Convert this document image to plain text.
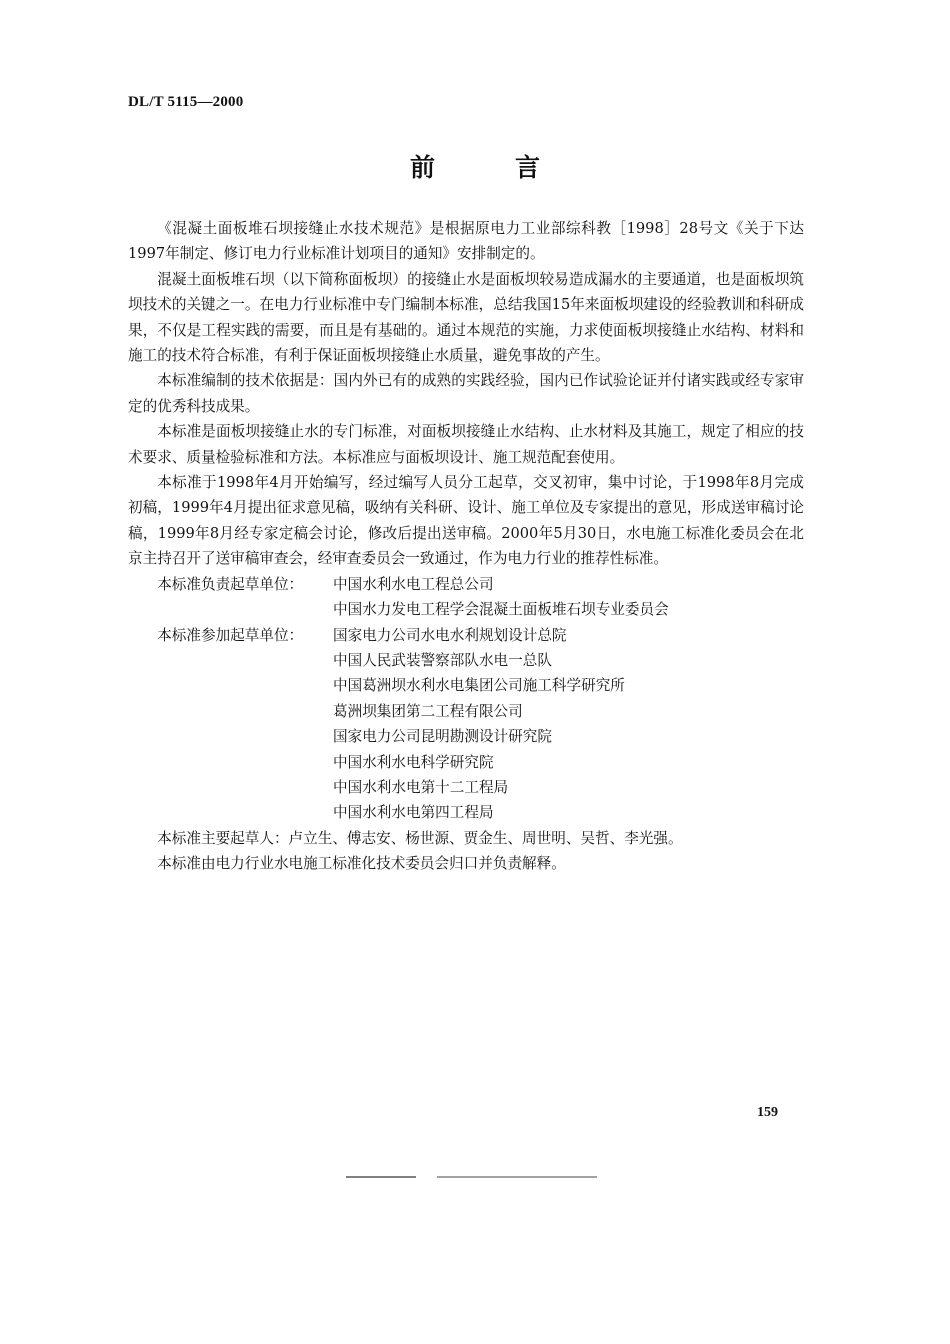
DL/T 5115—2000
前言

《混凝土面板堆石坝接缝止水技术规范》是根据原电力工业部综科教［1998］28号文《关于下达1997年制定、修订电力行业标准计划项目的通知》安排制定的。

混凝土面板堆石坝（以下简称面板坝）的接缝止水是面板坝较易造成漏水的主要通道，也是面板坝筑坝技术的关键之一。在电力行业标准中专门编制本标准，总结我国15年来面板坝建设的经验教训和科研成果，不仅是工程实践的需要，而且是有基础的。通过本规范的实施，力求使面板坝接缝止水结构、材料和施工的技术符合标准，有利于保证面板坝接缝止水质量，避免事故的产生。

本标准编制的技术依据是：国内外已有的成熟的实践经验，国内已作试验论证并付诸实践或经专家审定的优秀科技成果。

本标准是面板坝接缝止水的专门标准，对面板坝接缝止水结构、止水材料及其施工，规定了相应的技术要求、质量检验标准和方法。本标准应与面板坝设计、施工规范配套使用。

本标准于1998年4月开始编写，经过编写人员分工起草，交叉初审，集中讨论，于1998年8月完成初稿，1999年4月提出征求意见稿，吸纳有关科研、设计、施工单位及专家提出的意见，形成送审稿讨论稿，1999年8月经专家定稿会讨论，修改后提出送审稿。2000年5月30日，水电施工标准化委员会在北京主持召开了送审稿审查会，经审查委员会一致通过，作为电力行业的推荐性标准。

本标准负责起草单位：	中国水利水电工程总公司
中国水力发电工程学会混凝土面板堆石坝专业委员会
本标准参加起草单位：	国家电力公司水电水利规划设计总院
中国人民武装警察部队水电一总队
中国葛洲坝水利水电集团公司施工科学研究所
葛洲坝集团第二工程有限公司
国家电力公司昆明勘测设计研究院
中国水利水电科学研究院
中国水利水电第十二工程局
中国水利水电第四工程局

本标准主要起草人：卢立生、傅志安、杨世源、贾金生、周世明、吴哲、李光强。

本标准由电力行业水电施工标准化技术委员会归口并负责解释。

159
